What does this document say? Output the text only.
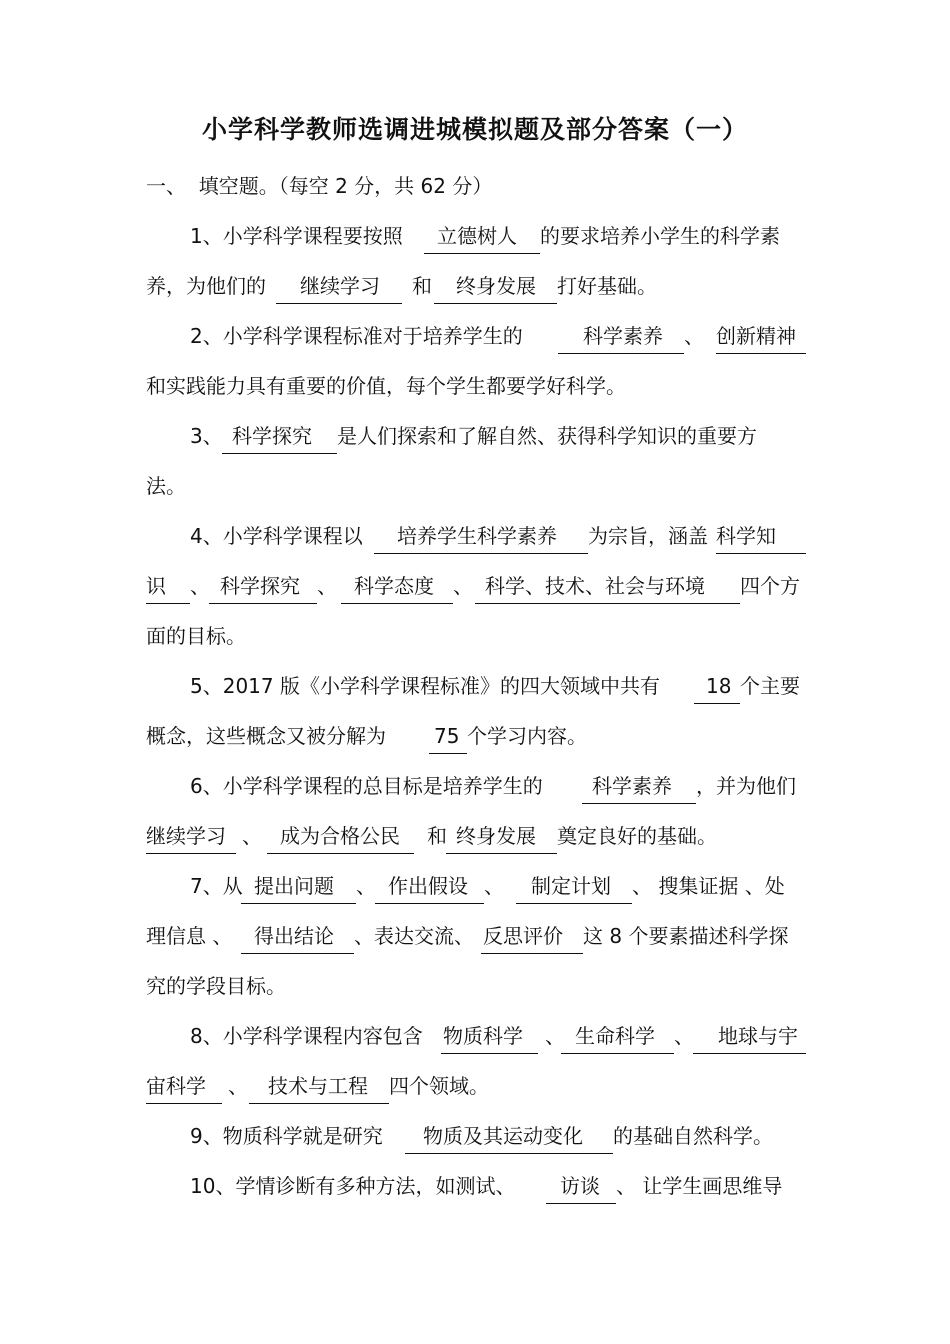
小学科学教师选调进城模拟题及部分答案（一）
一、  填空题。（每空 2 分，共 62 分）
1、小学科学课程要按照	立德树人	的要求培养小学生的科学素
养，为他们的	继续学习	和	终身发展	打好基础。
2、小学科学课程标准对于培养学生的	科学素养	、 创新精神
和实践能力具有重要的价值，每个学生都要学好科学。
3、 科学探究	是人们探索和了解自然、获得科学知识的重要方
法。
4、小学科学课程以	培养学生科学素养	为宗旨，涵盖 科学知
识	、 科学探究 、 科学态度 、 科学、技术、社会与环境	四个方
面的目标。
5、2017 版《小学科学课程标准》的四大领域中共有	18 个主要
概念，这些概念又被分解为 75 个学习内容。
6、小学科学课程的总目标是培养学生的	科学素养	，并为他们
继续学习 、 成为合格公民	和 终身发展	奠定良好的基础。
7、从 提出问题	、 作出假设 、	制定计划	、 搜集证据 、处
理信息 、	得出结论	、表达交流、 反思评价	这 8 个要素描述科学探
究的学段目标。
8、小学科学课程内容包含 物质科学	、 生命科学 、	地球与宇
宙科学	、	技术与工程	四个领域。
9、物质科学就是研究	物质及其运动变化	的基础自然科学。
10、学情诊断有多种方法，如测试、	访谈 、 让学生画思维导
